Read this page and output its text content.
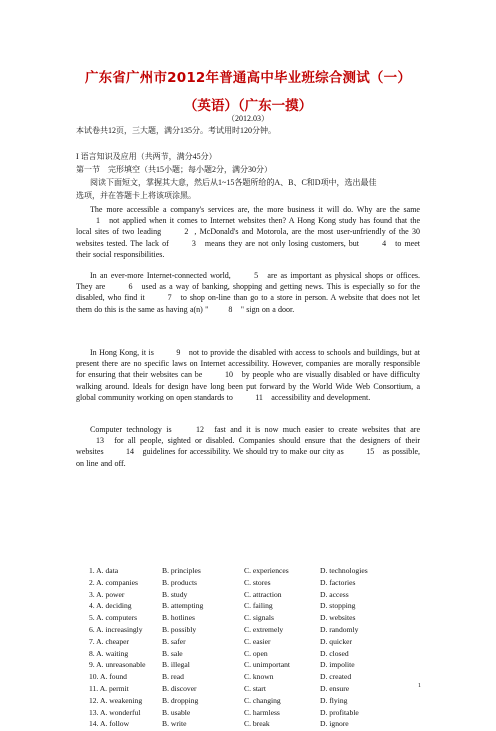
广东省广州市2012年普通高中毕业班综合测试（一）
（英语）（广东一摸）
（2012.03）
本试卷共12页，三大题，满分135分。考试用时120分钟。
I 语言知识及应用（共两节，满分45分）
第一节　完形填空（共15小题；每小题2分，满分30分）
阅读下面短文，掌握其大意，然后从1~15各题所给的A、B、C和D项中，选出最佳
选项，并在答题卡上将该项涂黑。
The more accessible a company's services are, the more business it will do. Why are the same 1 not applied when it comes to Internet websites then? A Hong Kong study has found that the local sites of two leading	2 , McDonald's and Motorola, are the most user-unfriendly of the 30 websites tested. The lack of	3 means they are not only losing customers, but	4 to meet their social responsibilities.
In an ever-more Internet-connected world,	5 are as important as physical shops or offices. They are	6 used as a way of banking, shopping and getting news. This is especially so for the disabled, who find it	7 to shop on-line than go to a store in person. A website that does not let them do this is the same as having a(n) "	8 " sign on a door.
In Hong Kong, it is	9 not to provide the disabled with access to schools and buildings, but at present there are no specific laws on Internet accessibility. However, companies are morally responsible for ensuring that their websites can be	10 by people who are visually disabled or have difficulty walking around. Ideals for design have long been put forward by the World Wide Web Consortium, a global community working on open standards to	11 accessibility and development.
Computer technology is	12 fast and it is now much easier to create websites that are 13 for all people, sighted or disabled. Companies should ensure that the designers of their websites	14 guidelines for accessibility. We should try to make our city as	15 as possible, on line and off.
1. A. data	B. principles	C. experiences	D. technologies
2. A. companies	B. products	C. stores	D. factories
3. A. power	B. study	C. attraction	D. access
4. A. deciding	B. attempting	C. failing	D. stopping
5. A. computers	B. hotlines	C. signals	D. websites
6. A. increasingly	B. possibly	C. extremely	D. randomly
7. A. cheaper	B. safer	C. easier	D. quicker
8. A. waiting	B. sale	C. open	D. closed
9. A. unreasonable B. illegal	C. unimportant	D. impolite
10. A. found	B. read	C. known	D. created
11. A. permit	B. discover	C. start	D. ensure
12. A. weakening	B. dropping	C. changing	D. flying
13. A. wonderful	B. usable	C. harmless	D. profitable
14. A. follow	B. write	C. break	D. ignore
1
